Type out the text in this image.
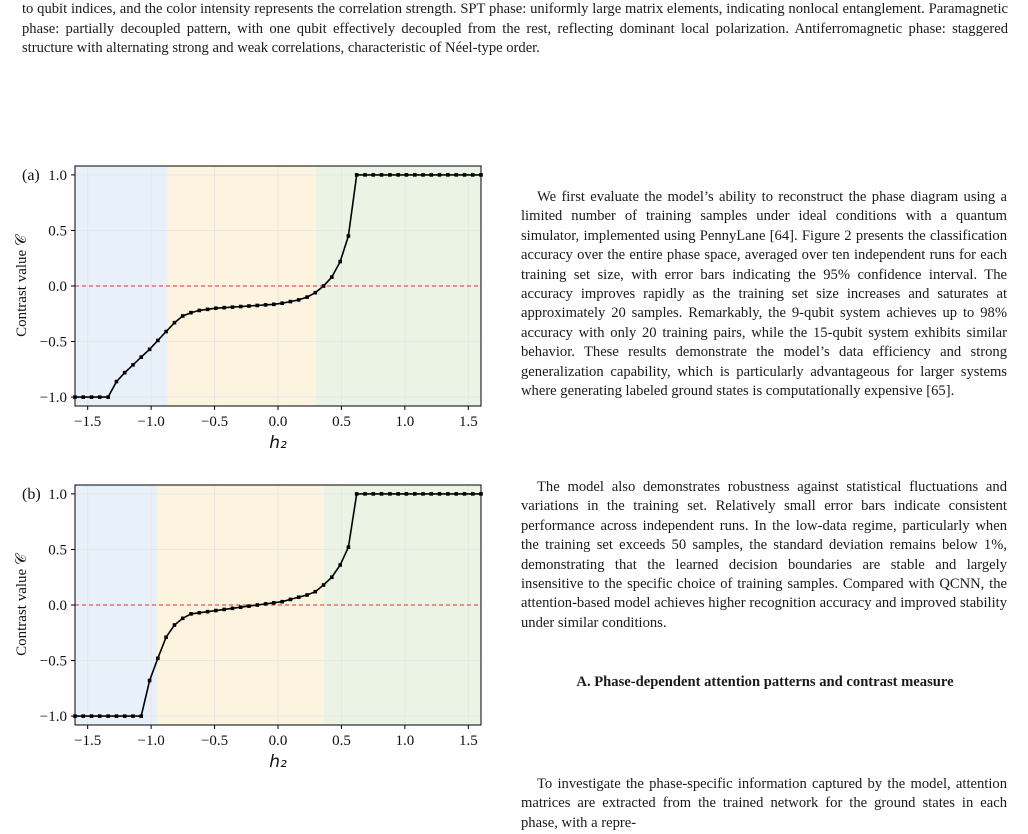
to qubit indices, and the color intensity represents the correlation strength. SPT phase: uniformly large matrix elements, indicating nonlocal entanglement. Paramagnetic phase: partially decoupled pattern, with one qubit effectively decoupled from the rest, reflecting dominant local polarization. Antiferromagnetic phase: staggered structure with alternating strong and weak correlations, characteristic of Néel-type order.

−1.5 −1.0 −0.5	0.0	0.5	1.0	1.5
−1.0
−0.5
0.0
0.5
1.0
h₂
Contrast value 𝒞
(a)
−1.5 −1.0 −0.5	0.0	0.5	1.0	1.5
−1.0
−0.5
0.0
0.5
1.0
h₂
Contrast value 𝒞
(b)

We first evaluate the model’s ability to reconstruct the phase diagram using a limited number of training samples under ideal conditions with a quantum simulator, implemented using PennyLane [64]. Figure 2 presents the classification accuracy over the entire phase space, averaged over ten independent runs for each training set size, with error bars indicating the 95% confidence interval. The accuracy improves rapidly as the training set size increases and saturates at approximately 20 samples. Remarkably, the 9-qubit system achieves up to 98% accuracy with only 20 training pairs, while the 15-qubit system exhibits similar behavior. These results demonstrate the model’s data efficiency and strong generalization capability, which is particularly advantageous for larger systems where generating labeled ground states is computationally expensive [65].

The model also demonstrates robustness against statistical fluctuations and variations in the training set. Relatively small error bars indicate consistent performance across independent runs. In the low-data regime, particularly when the training set exceeds 50 samples, the standard deviation remains below 1%, demonstrating that the learned decision boundaries are stable and largely insensitive to the specific choice of training samples. Compared with QCNN, the attention-based model achieves higher recognition accuracy and improved stability under similar conditions.

A. Phase-dependent attention patterns and contrast measure

To investigate the phase-specific information captured by the model, attention matrices are extracted from the trained network for the ground states in each phase, with a repre-
